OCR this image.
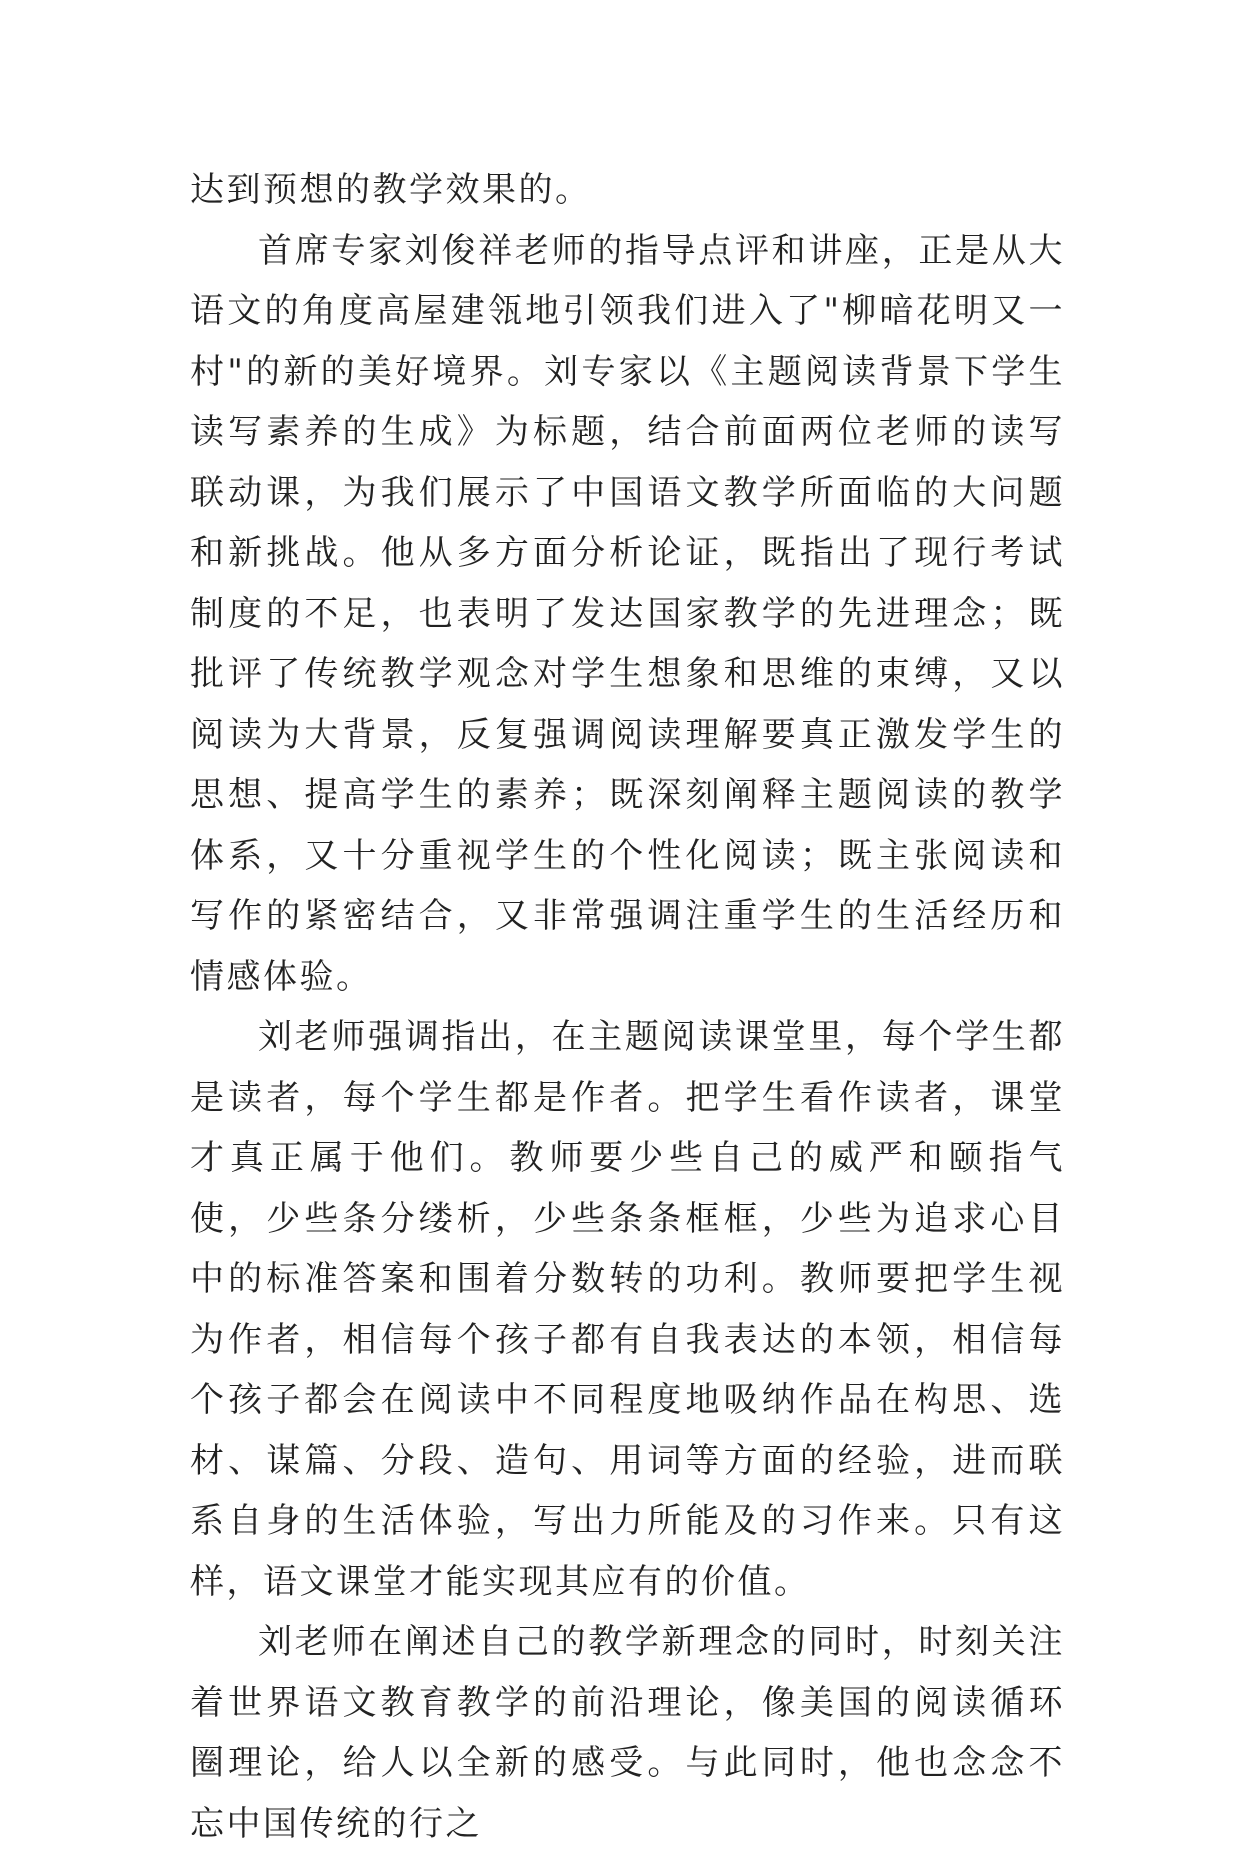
达到预想的教学效果的。

首席专家刘俊祥老师的指导点评和讲座，正是从大语文的角度高屋建瓴地引领我们进入了"柳暗花明又一村"的新的美好境界。刘专家以《主题阅读背景下学生读写素养的生成》为标题，结合前面两位老师的读写联动课，为我们展示了中国语文教学所面临的大问题和新挑战。他从多方面分析论证，既指出了现行考试制度的不足，也表明了发达国家教学的先进理念；既批评了传统教学观念对学生想象和思维的束缚，又以阅读为大背景，反复强调阅读理解要真正激发学生的思想、提高学生的素养；既深刻阐释主题阅读的教学体系，又十分重视学生的个性化阅读；既主张阅读和写作的紧密结合，又非常强调注重学生的生活经历和情感体验。

刘老师强调指出，在主题阅读课堂里，每个学生都是读者，每个学生都是作者。把学生看作读者，课堂才真正属于他们。教师要少些自己的威严和颐指气使，少些条分缕析，少些条条框框，少些为追求心目中的标准答案和围着分数转的功利。教师要把学生视为作者，相信每个孩子都有自我表达的本领，相信每个孩子都会在阅读中不同程度地吸纳作品在构思、选材、谋篇、分段、造句、用词等方面的经验，进而联系自身的生活体验，写出力所能及的习作来。只有这样，语文课堂才能实现其应有的价值。

刘老师在阐述自己的教学新理念的同时，时刻关注着世界语文教育教学的前沿理论，像美国的阅读循环圈理论，给人以全新的感受。与此同时，他也念念不忘中国传统的行之
